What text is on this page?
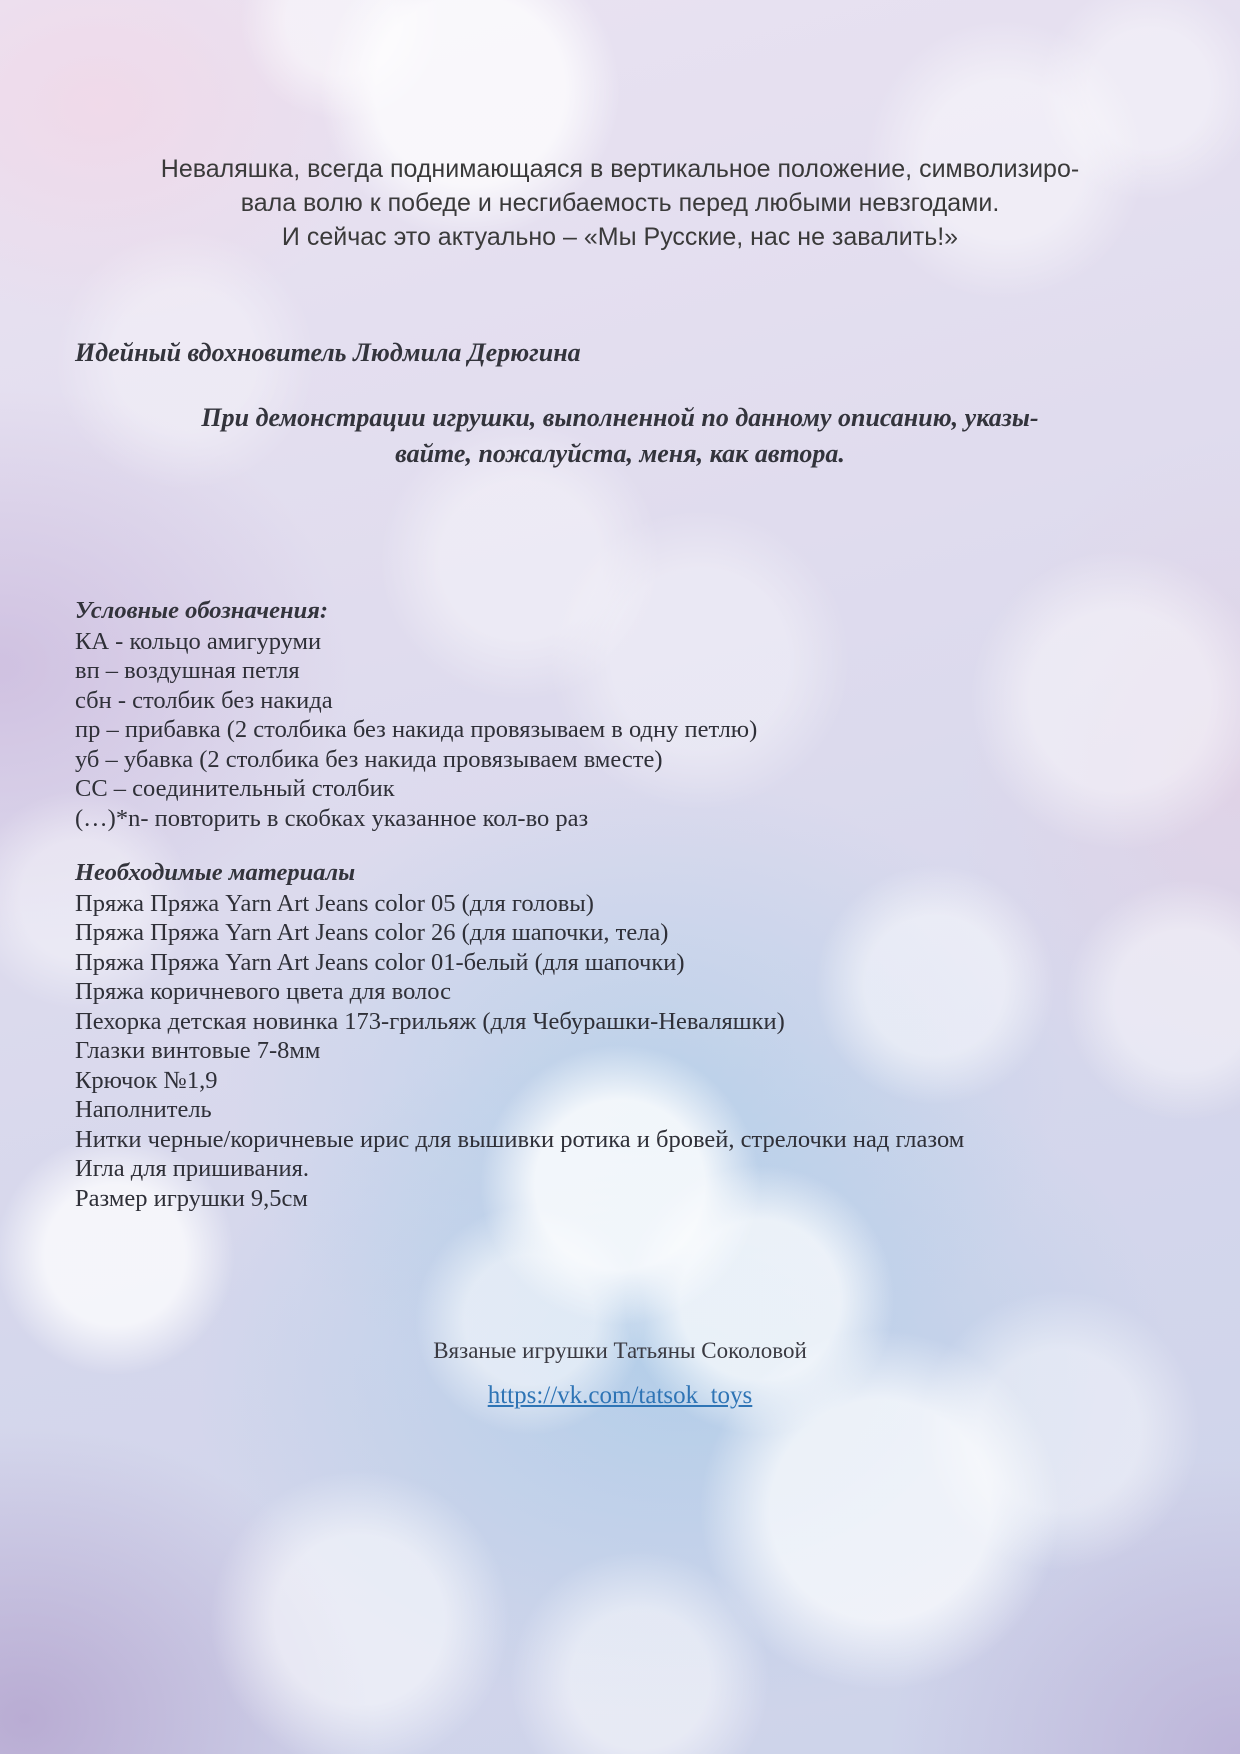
Неваляшка, всегда поднимающаяся в вертикальное положение, символизиро-
вала волю к победе и несгибаемость перед любыми невзгодами.
И сейчас это актуально – «Мы Русские, нас не завалить!»
Идейный вдохновитель Людмила Дерюгина
При демонстрации игрушки, выполненной по данному описанию, указы-
вайте, пожалуйста, меня, как автора.
Условные обозначения:
КА - кольцо амигуруми
вп – воздушная петля
сбн - столбик без накида
пр – прибавка (2 столбика без накида провязываем в одну петлю)
уб – убавка (2 столбика без накида провязываем вместе)
СС – соединительный столбик
(…)*n- повторить в скобках указанное кол-во раз
Необходимые материалы
Пряжа Пряжа Yarn Art Jeans color 05 (для головы)
Пряжа Пряжа Yarn Art Jeans color 26 (для шапочки, тела)
Пряжа Пряжа Yarn Art Jeans color 01-белый (для шапочки)
Пряжа коричневого цвета для волос
Пехорка детская новинка 173-грильяж (для Чебурашки-Неваляшки)
Глазки винтовые 7-8мм
Крючок №1,9
Наполнитель
Нитки черные/коричневые ирис для вышивки ротика и бровей, стрелочки над глазом
Игла для пришивания.
Размер игрушки 9,5см
Вязаные игрушки Татьяны Соколовой
https://vk.com/tatsok_toys
